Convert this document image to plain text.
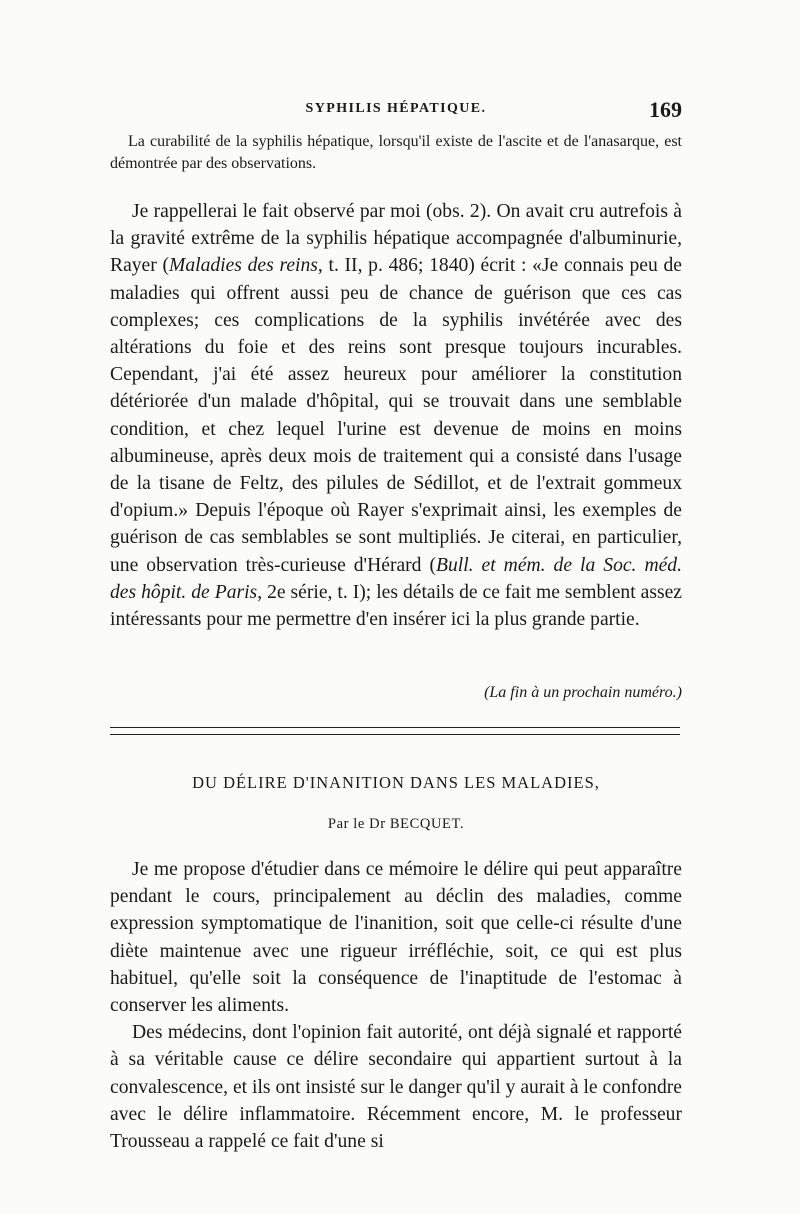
SYPHILIS HÉPATIQUE.	169

La curabilité de la syphilis hépatique, lorsqu'il existe de l'ascite et de l'anasarque, est démontrée par des observations.

Je rappellerai le fait observé par moi (obs. 2). On avait cru autrefois à la gravité extrême de la syphilis hépatique accompagnée d'albuminurie, Rayer (Maladies des reins, t. II, p. 486; 1840) écrit : «Je connais peu de maladies qui offrent aussi peu de chance de guérison que ces cas complexes; ces complications de la syphilis invétérée avec des altérations du foie et des reins sont presque toujours incurables. Cependant, j'ai été assez heureux pour améliorer la constitution détériorée d'un malade d'hôpital, qui se trouvait dans une semblable condition, et chez lequel l'urine est devenue de moins en moins albumineuse, après deux mois de traitement qui a consisté dans l'usage de la tisane de Feltz, des pilules de Sédillot, et de l'extrait gommeux d'opium.» Depuis l'époque où Rayer s'exprimait ainsi, les exemples de guérison de cas semblables se sont multipliés. Je citerai, en particulier, une observation très-curieuse d'Hérard (Bull. et mém. de la Soc. méd. des hôpit. de Paris, 2e série, t. I); les détails de ce fait me semblent assez intéressants pour me permettre d'en insérer ici la plus grande partie.

(La fin à un prochain numéro.)
DU DÉLIRE D'INANITION DANS LES MALADIES,
Par le Dr BECQUET.

Je me propose d'étudier dans ce mémoire le délire qui peut apparaître pendant le cours, principalement au déclin des maladies, comme expression symptomatique de l'inanition, soit que celle-ci résulte d'une diète maintenue avec une rigueur irréfléchie, soit, ce qui est plus habituel, qu'elle soit la conséquence de l'inaptitude de l'estomac à conserver les aliments.

Des médecins, dont l'opinion fait autorité, ont déjà signalé et rapporté à sa véritable cause ce délire secondaire qui appartient surtout à la convalescence, et ils ont insisté sur le danger qu'il y aurait à le confondre avec le délire inflammatoire. Récemment encore, M. le professeur Trousseau a rappelé ce fait d'une si
